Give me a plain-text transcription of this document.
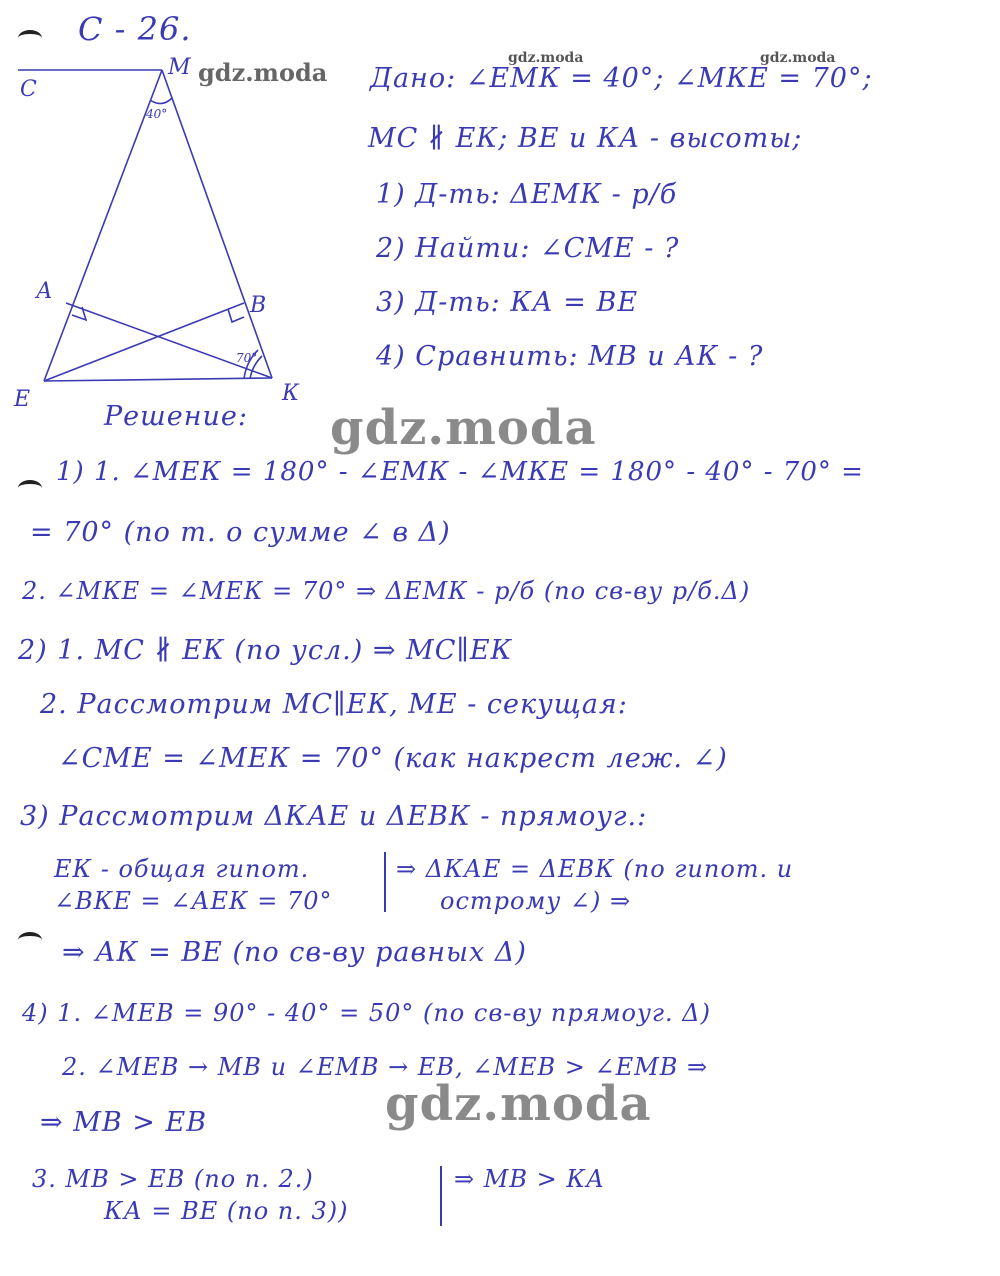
С - 26.
С
М
А
В
Е	К
40°
70°
gdz.moda	gdz.moda	gdz.moda
gdz.moda
gdz.moda
Дано: ∠ЕМК = 40°; ∠МКЕ = 70°;
МС ∦ ЕК; ВЕ и КА - высоты;
1) Д-ть: ΔЕМК - р/б
2) Найти: ∠СМЕ - ?
3) Д-ть: КА = ВЕ
4) Сравнить: МВ и АК - ?
Решение:
1) 1. ∠МЕК = 180° - ∠ЕМК - ∠МКЕ = 180° - 40° - 70° =
= 70° (по т. о сумме ∠ в Δ)
2. ∠МКЕ = ∠МЕК = 70° ⇒ ΔЕМК - р/б (по св-ву р/б.Δ)
2) 1. МС ∦ ЕК (по усл.) ⇒ МС∥ЕК
2. Рассмотрим МС∥ЕК, МЕ - секущая:
∠СМЕ = ∠МЕК = 70° (как накрест леж. ∠)
3) Рассмотрим ΔКАЕ и ΔЕВК - прямоуг.:
ЕК - общая гипот.
∠ВКЕ = ∠АЕК = 70°
⇒ ΔКАЕ = ΔЕВК (по гипот. и
острому ∠) ⇒
⇒ АК = ВЕ (по св-ву равных Δ)
4) 1. ∠МЕВ = 90° - 40° = 50° (по св-ву прямоуг. Δ)
2. ∠МЕВ → МВ и ∠ЕМВ → ЕВ, ∠МЕВ > ∠ЕМВ ⇒
⇒ МВ > ЕВ
3. МВ > ЕВ (по п. 2.)
КА = ВЕ (по п. 3))
⇒ МВ > КА
